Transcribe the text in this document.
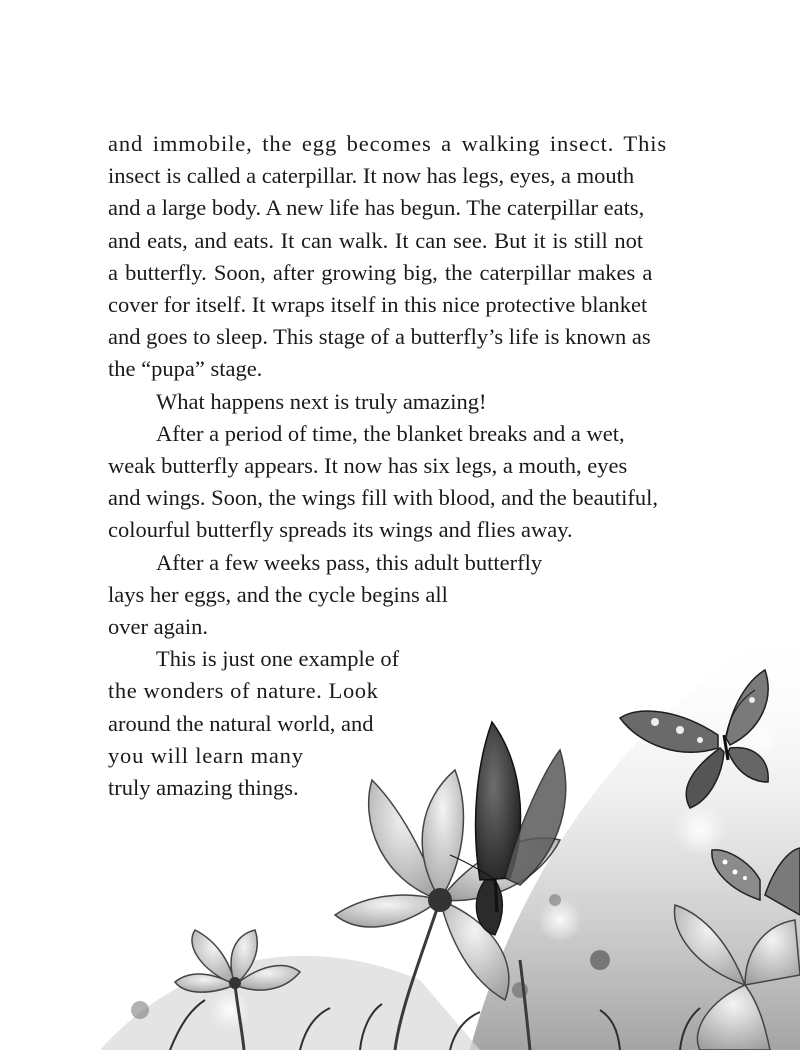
and immobile, the egg becomes a walking insect. This
insect is called a caterpillar. It now has legs, eyes, a mouth
and a large body. A new life has begun. The caterpillar eats,
and eats, and eats. It can walk. It can see. But it is still not
a butterfly. Soon, after growing big, the caterpillar makes a
cover for itself. It wraps itself in this nice protective blanket
and goes to sleep. This stage of a butterfly’s life is known as
the “pupa” stage.

What happens next is truly amazing!

After a period of time, the blanket breaks and a wet,
weak butterfly appears. It now has six legs, a mouth, eyes
and wings. Soon, the wings fill with blood, and the beautiful,
colourful butterfly spreads its wings and flies away.

After a few weeks pass, this adult butterfly
lays her eggs, and the cycle begins all
over again.

This is just one example of
the wonders of nature. Look
around the natural world, and
you will learn many
truly amazing things.
